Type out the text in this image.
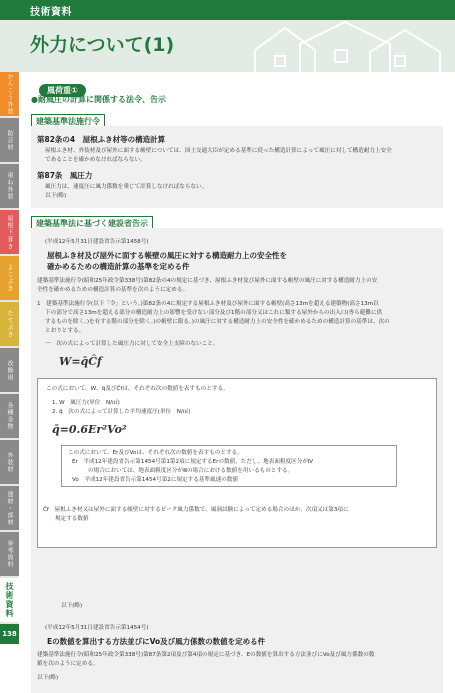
技術資料
外力について(1)
かんこう外装
防音材
重ね外装
屋根下葺き
よこぶき
たてぶき
改修用
各種金物
外装材
建材・部材
参考資料
技術資料
138
風荷重①
●耐風圧の計算に関係する法令、告示
建築基準法施行令
第82条の4　屋根ふき材等の構造計算
屋根ふき材、外装材及び屋外に面する帳壁については、国土交通大臣が定める基準に従った構造計算によって風圧に対して構造耐力上安全
であることを確かめなければならない。
第87条　風圧力
風圧力は、速度圧に風力係数を乗じて計算しなければならない。
以下(略)
建築基準法に基づく建設省告示
(平成12年5月31日建設省告示第1458号)
屋根ふき材及び屋外に面する帳壁の風圧に対する構造耐力上の安全性を
確かめるための構造計算の基準を定める件
建築基準法施行令(昭和25年政令第338号)第82条の4の規定に基づき、屋根ふき材及び屋外に面する帳壁の風圧に対する構造耐力上の安
全性を確かめるための構造計算の基準を次のように定める。
1　建築基準法施行令(以下「令」という。)第82条の4に規定する屋根ふき材及び屋外に面する帳壁(高さ13mを超える建築物(高さ13m以
下の部分で高さ13mを超える部分の構造耐力上の影響を受けない部分及び1階の部分又はこれに類する屋外からの出入口(専ら避難に供
するものを除く。)を有する階の部分を除く。)の帳壁に限る。)の風圧に対する構造耐力上の安全性を確かめるための構造計算の基準は、次の
とおりとする。
一　次の式によって計算した風圧力に対して安全上支障のないこと。
W=q̄Ĉf
この式において、W、q̄及びĈfは、それぞれ次の数値を表すものとする。
1. W　風圧力(単位　N/㎡)
2. q̄　次の式によって計算した平均速度圧(単位　N/㎡)
q̄=0.6Er²Vo²
この式において、Er及びVoは、それぞれ次の数値を表すものとする。
Er　平成12年建設省告示第1454号第1第2項に規定するErの数値。ただし、地表面粗度区分がⅣ
の場合においては、地表面粗度区分がⅢの場合における数値を用いるものとする。
Vo　平成12年建設省告示第1454号第2に規定する基準風速の数値
Ĉf　屋根ふき材又は屋外に面する帳壁に対するピーク風力係数で、風洞試験によって定める場合のほか、次項又は第3項に
規定する数値
以下(略)
(平成12年5月31日建設省告示第1454号)
Eの数値を算出する方法並びにVo及び風力係数の数値を定める件
建築基準法施行令(昭和25年政令第338号)第87条第2項及び第4項の規定に基づき、Eの数値を算出する方法並びにVo及び風力係数の数
値を次のように定める。
以下(略)
